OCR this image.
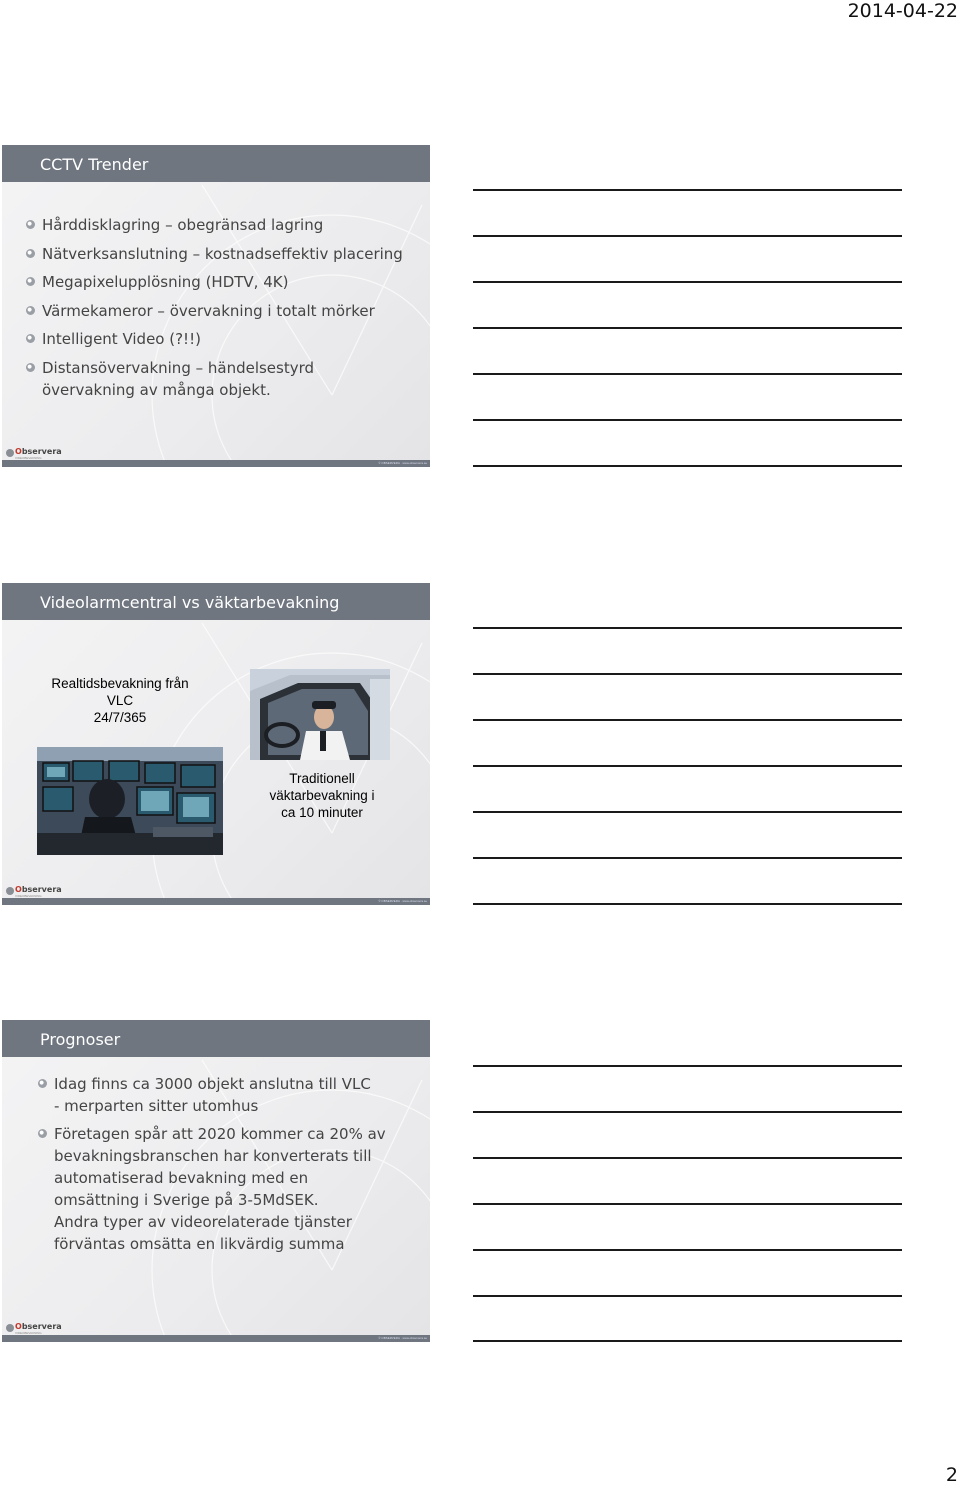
2014-04-22
CCTV Trender
Hårddisklagring – obegränsad lagring
Nätverksanslutning – kostnadseffektiv placering
Megapixelupplösning (HDTV, 4K)
Värmekameror – övervakning i totalt mörker
Intelligent Video (?!!)
Distansövervakning – händelsestyrd övervakning av många objekt.
Observera
VIDEOBEVAKNING
© OBSERVERA · www.observera.se
Videolarmcentral vs väktarbevakning
Realtidsbevakning från
VLC
24/7/365
Traditionell
väktarbevakning i
ca 10 minuter
Observera
VIDEOBEVAKNING
© OBSERVERA · www.observera.se
Prognoser
Idag finns ca 3000 objekt anslutna till VLC
- merparten sitter utomhus
Företagen spår att 2020 kommer ca 20% av
bevakningsbranschen har konverterats till
automatiserad bevakning med en
omsättning i Sverige på 3-5MdSEK.
Andra typer av videorelaterade tjänster
förväntas omsätta en likvärdig summa
Observera
VIDEOBEVAKNING
© OBSERVERA · www.observera.se
2
